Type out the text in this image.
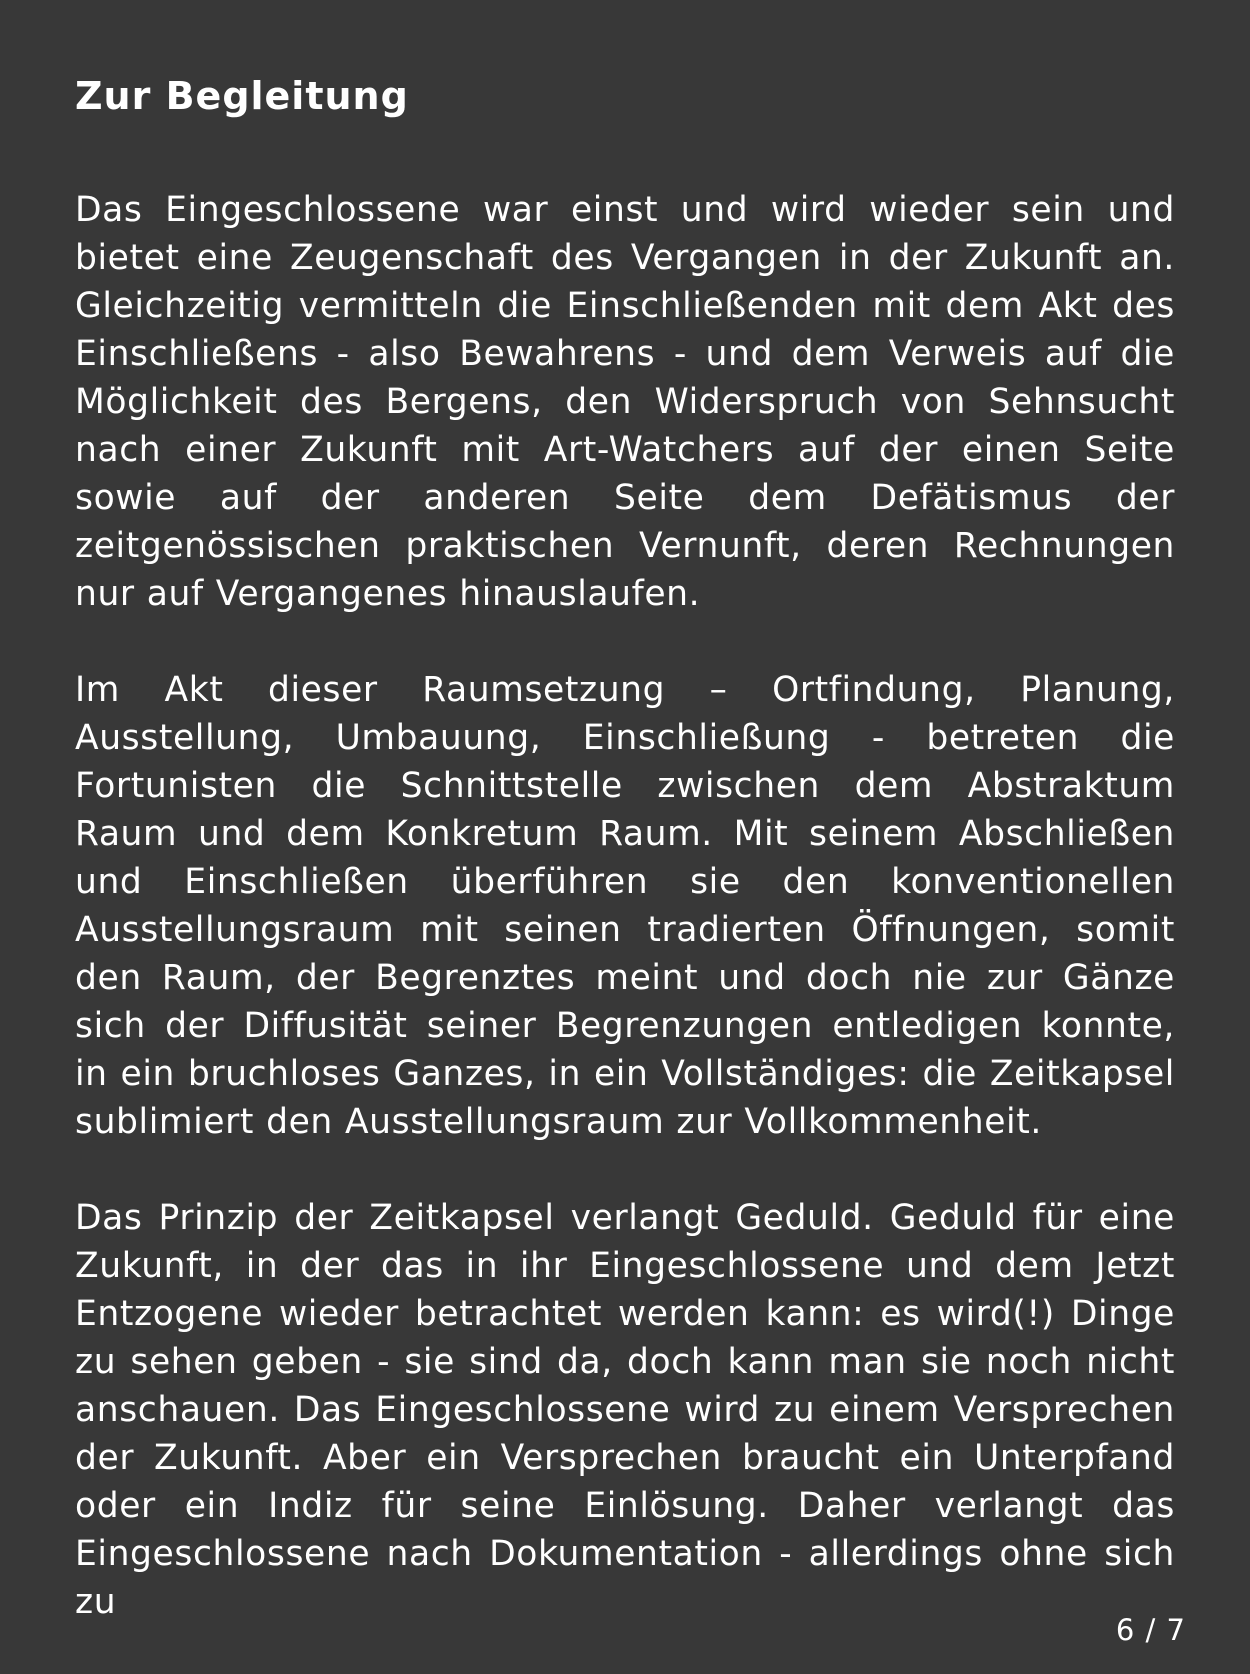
Zur Begleitung

Das Eingeschlossene war einst und wird wieder sein und bietet eine Zeugenschaft des Vergangen in der Zukunft an. Gleichzeitig vermitteln die Einschließenden mit dem Akt des Einschließens - also Bewahrens - und dem Verweis auf die Möglichkeit des Bergens, den Widerspruch von Sehnsucht nach einer Zukunft mit Art-Watchers auf der einen Seite sowie auf der anderen Seite dem Defätismus der zeitgenössischen praktischen Vernunft, deren Rechnungen nur auf Vergangenes hinauslaufen.

Im Akt dieser Raumsetzung – Ortfindung, Planung, Ausstellung, Umbauung, Einschließung - betreten die Fortunisten die Schnittstelle zwischen dem Abstraktum Raum und dem Konkretum Raum. Mit seinem Abschließen und Einschließen überführen sie den konventionellen Ausstellungsraum mit seinen tradierten Öffnungen, somit den Raum, der Begrenztes meint und doch nie zur Gänze sich der Diffusität seiner Begrenzungen entledigen konnte, in ein bruchloses Ganzes, in ein Vollständiges: die Zeitkapsel sublimiert den Ausstellungsraum zur Vollkommenheit.

Das Prinzip der Zeitkapsel verlangt Geduld. Geduld für eine Zukunft, in der das in ihr Eingeschlossene und dem Jetzt Entzogene wieder betrachtet werden kann: es wird(!) Dinge zu sehen geben - sie sind da, doch kann man sie noch nicht anschauen. Das Eingeschlossene wird zu einem Versprechen der Zukunft. Aber ein Versprechen braucht ein Unterpfand oder ein Indiz für seine Einlösung. Daher verlangt das Eingeschlossene nach Dokumentation - allerdings ohne sich zu

6 / 7
